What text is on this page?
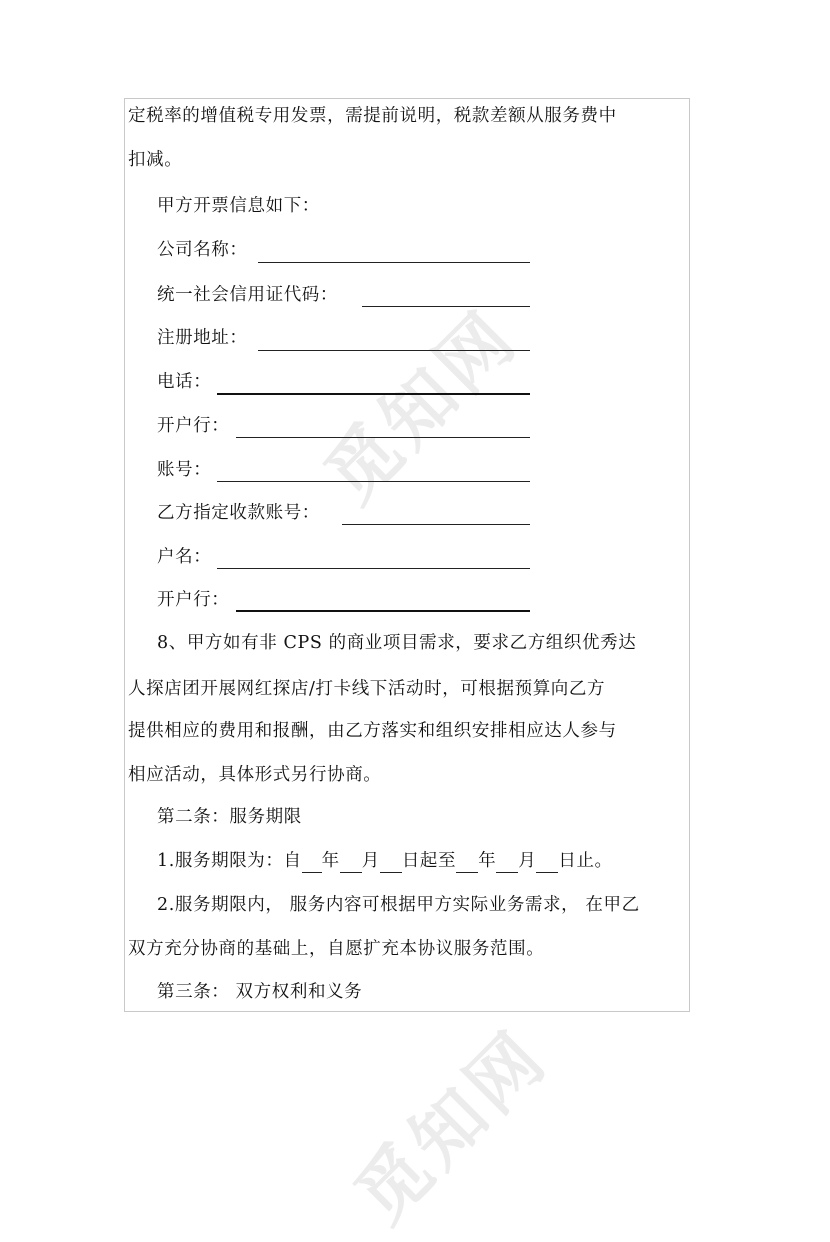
觅知网
觅知网
定税率的增值税专用发票，需提前说明，税款差额从服务费中
扣减。
甲方开票信息如下：
公司名称：
统一社会信用证代码：
注册地址：
电话：
开户行：
账号：
乙方指定收款账号：
户名：
开户行：
8、甲方如有非 CPS 的商业项目需求，要求乙方组织优秀达
人探店团开展网红探店/打卡线下活动时，可根据预算向乙方
提供相应的费用和报酬，由乙方落实和组织安排相应达人参与
相应活动，具体形式另行协商。
第二条：服务期限
1.服务期限为：自 年 月 日起至 年 月 日止。
2.服务期限内， 服务内容可根据甲方实际业务需求， 在甲乙
双方充分协商的基础上，自愿扩充本协议服务范围。
第三条： 双方权利和义务
